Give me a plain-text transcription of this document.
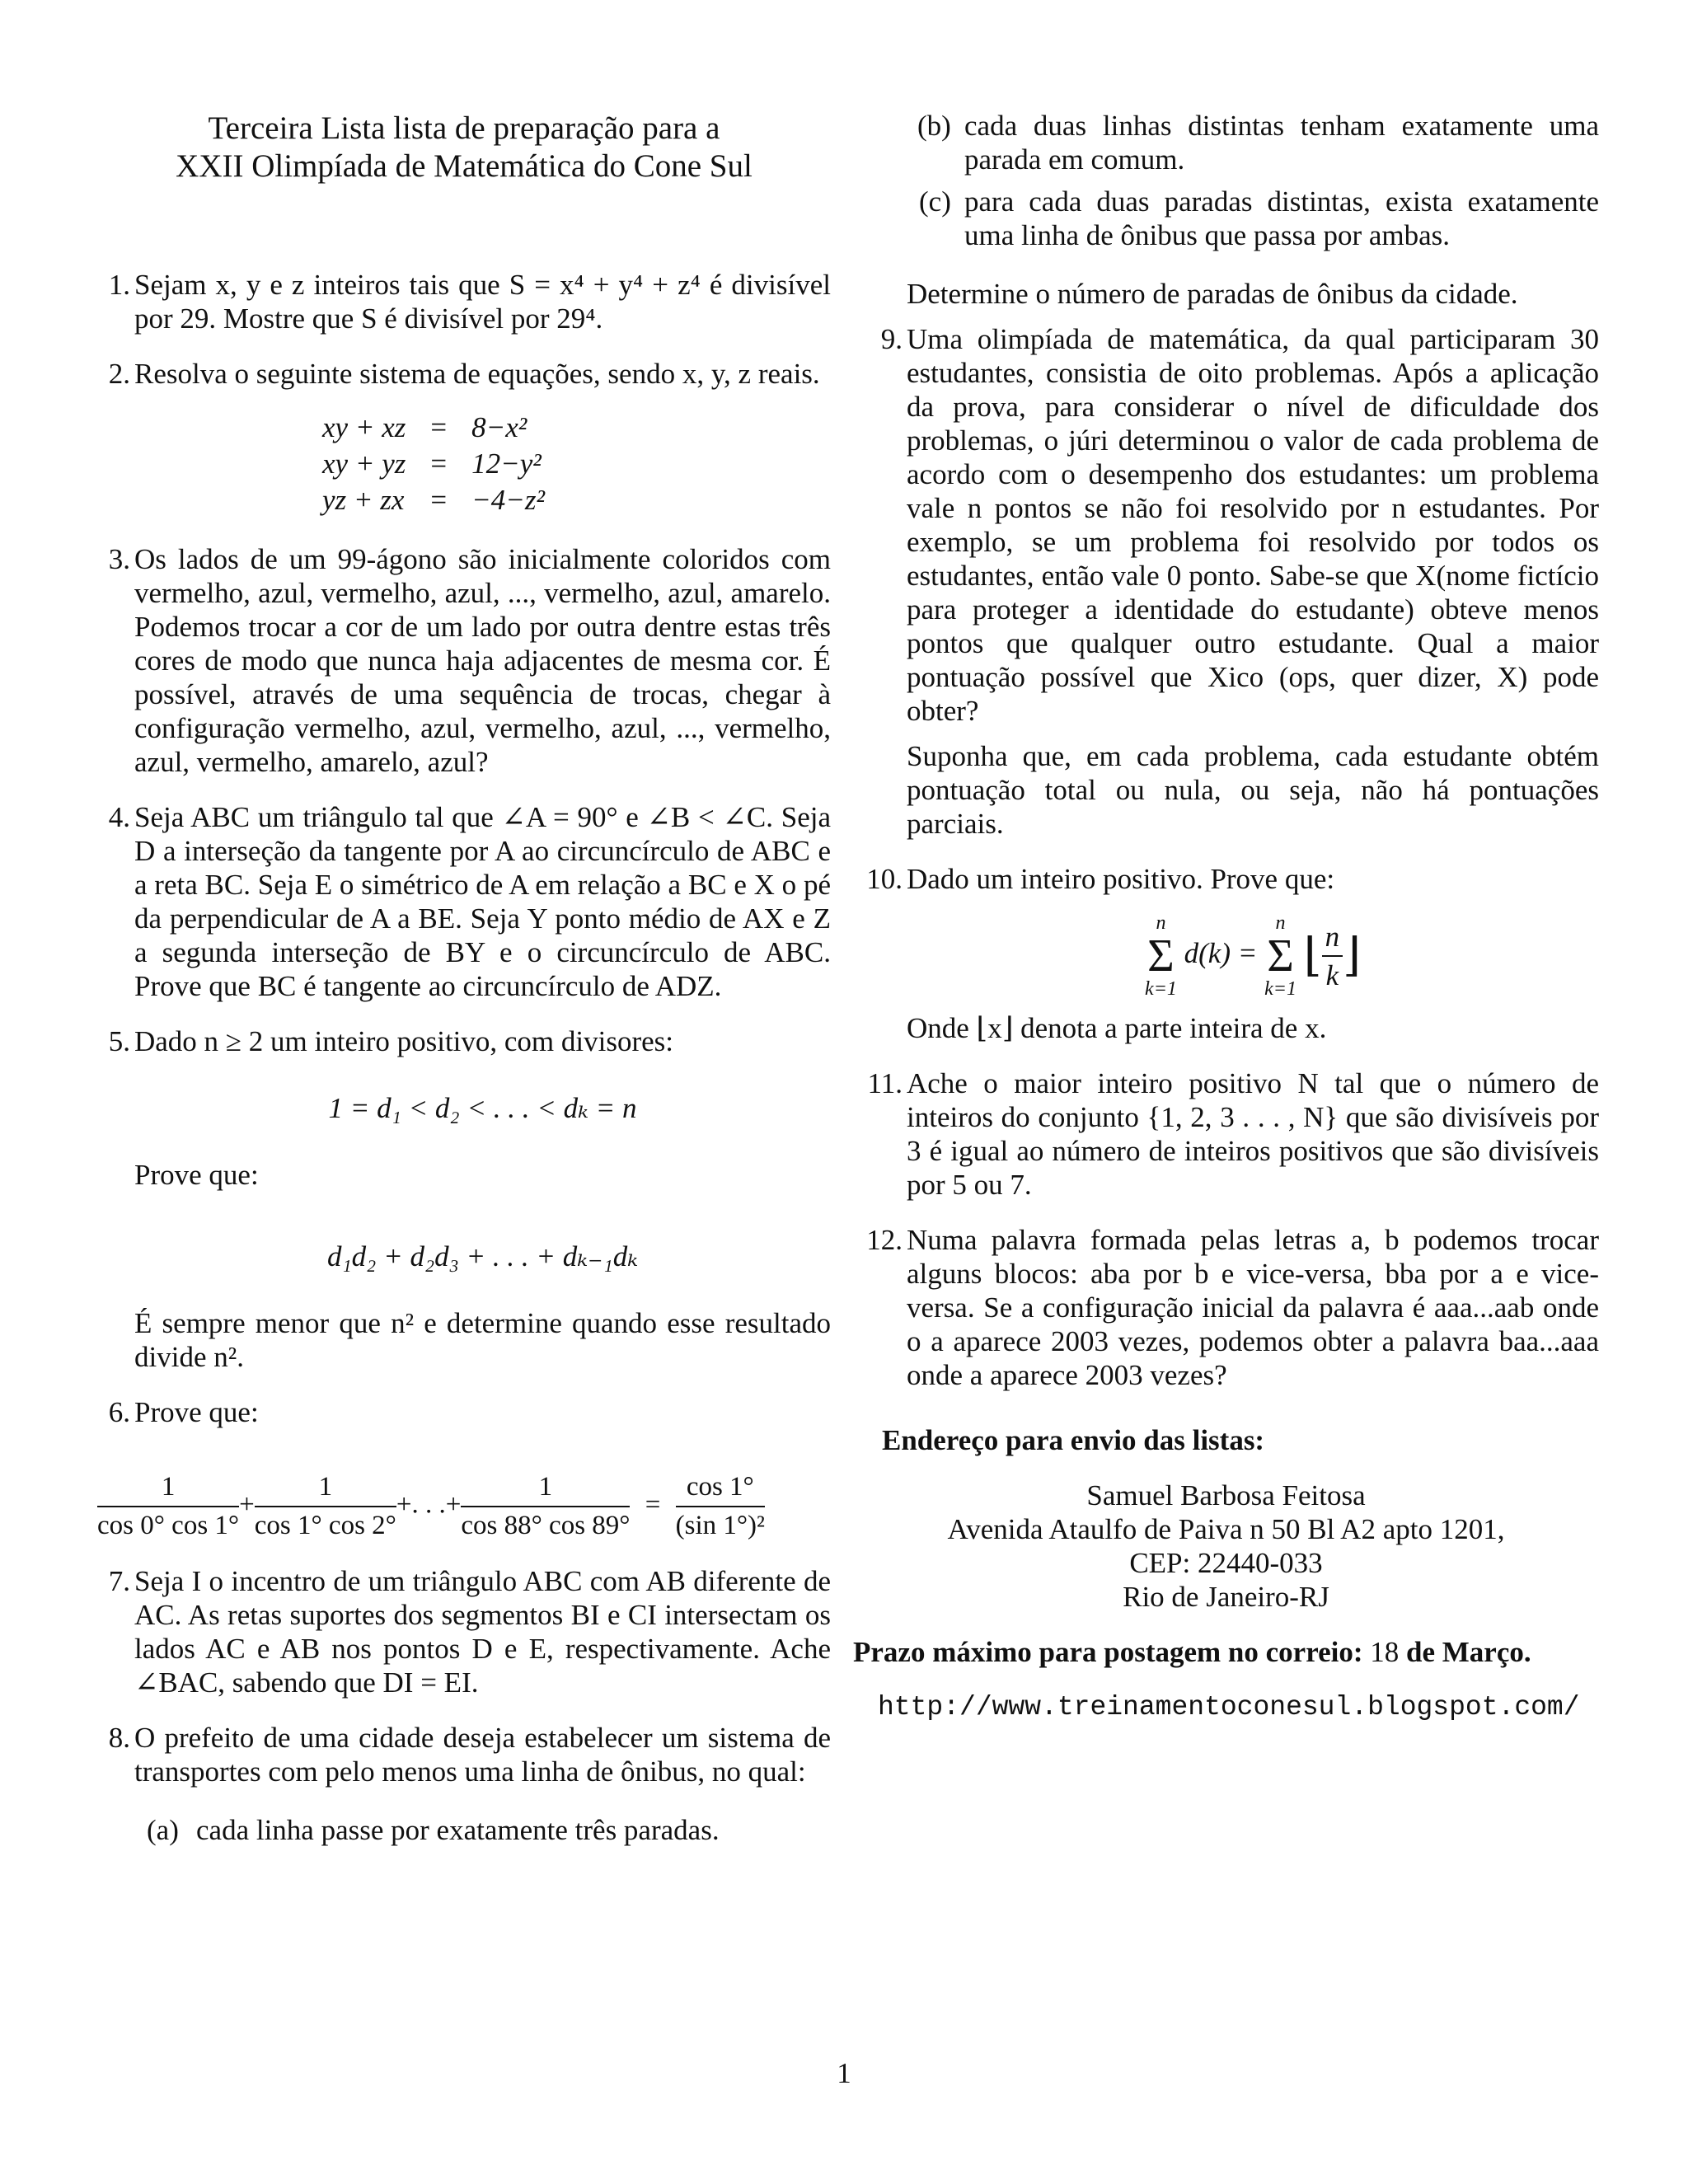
Terceira Lista lista de preparação para a
XXII Olimpíada de Matemática do Cone Sul
1. Sejam x, y e z inteiros tais que S = x⁴ + y⁴ + z⁴ é divisível por 29. Mostre que S é divisível por 29⁴.
2. Resolva o seguinte sistema de equações, sendo x, y, z reais.
xy + xz	=	8−x²
xy + yz	=	12−y²
yz + zx	=	−4−z²
3. Os lados de um 99-ágono são inicialmente coloridos com vermelho, azul, vermelho, azul, ..., vermelho, azul, amarelo. Podemos trocar a cor de um lado por outra dentre estas três cores de modo que nunca haja adjacentes de mesma cor. É possível, através de uma sequência de trocas, chegar à configuração vermelho, azul, vermelho, azul, ..., vermelho, azul, vermelho, amarelo, azul?
4. Seja ABC um triângulo tal que ∠A = 90° e ∠B < ∠C. Seja D a interseção da tangente por A ao circuncírculo de ABC e a reta BC. Seja E o simétrico de A em relação a BC e X o pé da perpendicular de A a BE. Seja Y ponto médio de AX e Z a segunda interseção de BY e o circuncírculo de ABC. Prove que BC é tangente ao circuncírculo de ADZ.
5. Dado n ≥ 2 um inteiro positivo, com divisores:
1 = d₁ < d₂ < . . . < dₖ = n
Prove que:
d₁d₂ + d₂d₃ + . . . + dₖ₋₁dₖ
É sempre menor que n² e determine quando esse resultado divide n².
6. Prove que:
$\frac{1}{\cos 0^\circ \cos 1^\circ} + \frac{1}{\cos 1^\circ \cos 2^\circ}$ +. . .+ $\frac{1}{\cos 88^\circ \cos 89^\circ} = \frac{\cos 1^\circ}{\text{(sin 1°)²}}$
7. Seja I o incentro de um triângulo ABC com AB diferente de AC. As retas suportes dos segmentos BI e CI intersectam os lados AC e AB nos pontos D e E, respectivamente. Ache ∠BAC, sabendo que DI = EI.
8. O prefeito de uma cidade deseja estabelecer um sistema de transportes com pelo menos uma linha de ônibus, no qual:
(a) cada linha passe por exatamente três paradas.
(b) cada duas linhas distintas tenham exatamente uma parada em comum.
(c) para cada duas paradas distintas, exista exatamente uma linha de ônibus que passa por ambas.
Determine o número de paradas de ônibus da cidade.
9. Uma olimpíada de matemática, da qual participaram 30 estudantes, consistia de oito problemas. Após a aplicação da prova, para considerar o nível de dificuldade dos problemas, o júri determinou o valor de cada problema de acordo com o desempenho dos estudantes: um problema vale n pontos se não foi resolvido por n estudantes. Por exemplo, se um problema foi resolvido por todos os estudantes, então vale 0 ponto. Sabe-se que X(nome fictício para proteger a identidade do estudante) obteve menos pontos que qualquer outro estudante. Qual a maior pontuação possível que Xico (ops, quer dizer, X) pode obter?
Suponha que, em cada problema, cada estudante obtém pontuação total ou nula, ou seja, não há pontuações parciais.
10. Dado um inteiro positivo. Prove que:
n
Σ
k=1 d(k) = n
Σ
k=1 ⌊ $\frac{n}{k}$ ⌋
Onde ⌊x⌋ denota a parte inteira de x.
11. Ache o maior inteiro positivo N tal que o número de inteiros do conjunto {1, 2, 3 . . . , N} que são divisíveis por 3 é igual ao número de inteiros positivos que são divisíveis por 5 ou 7.
12. Numa palavra formada pelas letras a, b podemos trocar alguns blocos: aba por b e vice-versa, bba por a e vice-versa. Se a configuração inicial da palavra é aaa...aab onde o a aparece 2003 vezes, podemos obter a palavra baa...aaa onde a aparece 2003 vezes?
Endereço para envio das listas:
Samuel Barbosa Feitosa
Avenida Ataulfo de Paiva n 50 Bl A2 apto 1201,
CEP: 22440-033
Rio de Janeiro-RJ
Prazo máximo para postagem no correio: 18 de Março.
http://www.treinamentoconesul.blogspot.com/
1
